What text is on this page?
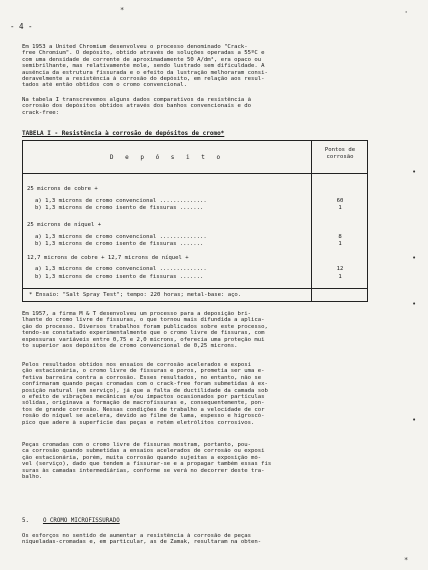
- 4 -
*	'
•
•
•
•
*
Em 1953 a United Chromium desenvolveu o processo denominado "Crack-
free Chromium". O depósito, obtido através de soluções operadas a 55ºC e
com uma densidade de corrente de aproximadamente 50 A/dm², era opaco ou
semibrilhante, mas relativamente mole, sendo lustrado sem dificuldade. A
ausência da estrutura fissurada e o efeito da lustração melhoraram consi-
deravelmente a resistência à corrosão do depósito, em relação aos resul-
tados até então obtidos com o cromo convencional.
Na tabela I transcrevemos alguns dados comparativos da resistência à
corrosão dos depósitos obtidos através dos banhos convencionais e do
crack-free:
TABELA I - Resistência à corrosão de depósitos de cromo*
D e p ó s i t o
Pontos de
corrosão
25 microns de cobre +
a) 1,3 microns de cromo convencional ..............	60
b) 1,3 microns de cromo isento de fissuras .......	1
25 microns de níquel +
a) 1,3 microns de cromo convencional ..............	8
b) 1,3 microns de cromo isento de fissuras .......	1
12,7 microns de cobre + 12,7 microns de níquel +
a) 1,3 microns de cromo convencional ..............	12
b) 1,3 microns de cromo isento de fissuras .......	1
* Ensaio: "Salt Spray Test"; tempo: 220 horas; metal-base: aço.
Em 1957, a firma M & T desenvolveu um processo para a deposição bri-
lhante do cromo livre de fissuras, o que tornou mais difundida a aplica-
ção do processo. Diversos trabalhos foram publicados sobre este processo,
tendo-se constatado experimentalmente que o cromo livre de fissuras, com
espessuras variáveis entre 0,75 e 2,0 microns, oferecia uma proteção mui
to superior aos depósitos de cromo convencional de 0,25 microns.
Pelos resultados obtidos nos ensaios de corrosão acelerados e exposi
ção estacionária, o cromo livre de fissuras e poros, prometia ser uma e-
fetiva barreira contra a corrosão. Esses resultados, no entanto, não se
confirmaram quando peças cromadas com o crack-free foram submetidas à ex-
posição natural (em serviço), já que a falta de ductilidade da camada sob
o efeito de vibrações mecânicas e/ou impactos ocasionados por partículas
sólidas, originava a formação de macrofissuras e, consequentemente, pon-
tos de grande corrosão. Nessas condições de trabalho a velocidade de cor
rosão do níquel se acelera, devido ao filme de lama, espesso e higroscó-
pico que adere à superfície das peças e retém eletrólitos corrosivos.
Peças cromadas com o cromo livre de fissuras mostram, portanto, pou-
ca corrosão quando submetidas a ensaios acelerados de corrosão ou exposi
ção estacionária, porém, muita corrosão quando sujeitas a exposição mó-
vel (serviço), dado que tendem a fissurar-se e a propagar também essas fis
suras às camadas intermediárias, conforme se verá no decorrer deste tra-
balho.
5. O CROMO MICROFISSURADO
Os esforços no sentido de aumentar a resistência à corrosão de peças
niqueladas-cromadas e, em particular, as de Zamak, resultaram na obten-
